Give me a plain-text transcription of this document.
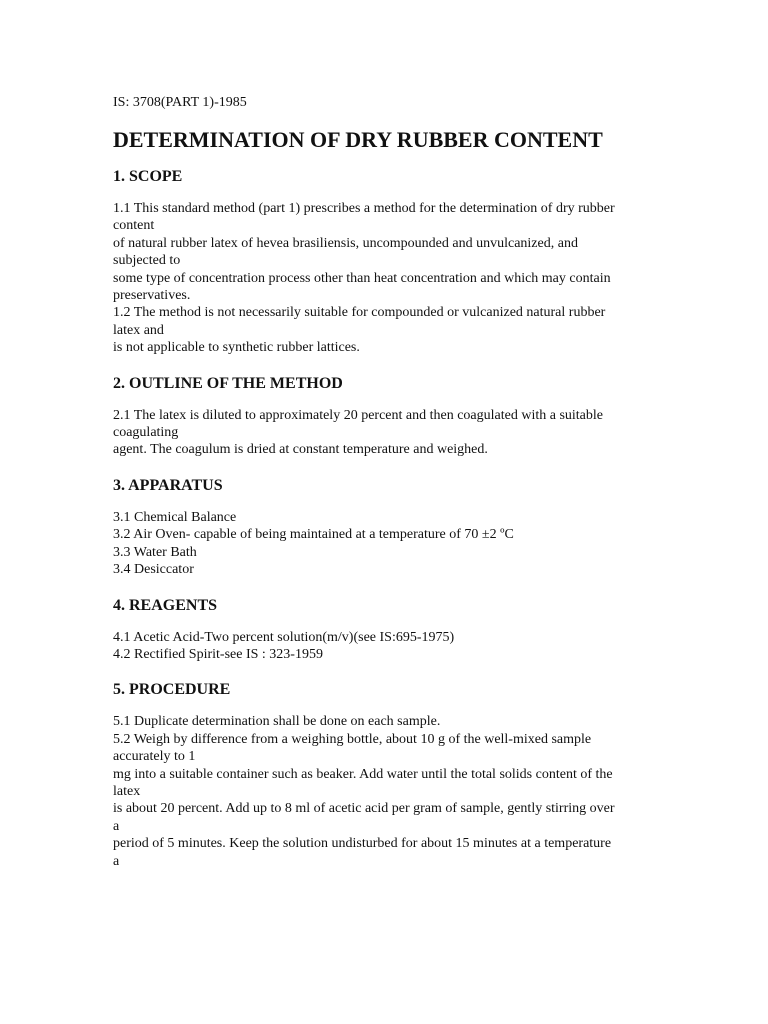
IS: 3708(PART 1)-1985
DETERMINATION OF DRY RUBBER CONTENT
1. SCOPE
1.1 This standard method (part 1) prescribes a method for the determination of dry rubber
content
of natural rubber latex of hevea brasiliensis, uncompounded and unvulcanized, and
subjected to
some type of concentration process other than heat concentration and which may contain
preservatives.
1.2 The method is not necessarily suitable for compounded or vulcanized natural rubber
latex and
is not applicable to synthetic rubber lattices.
2. OUTLINE OF THE METHOD
2.1 The latex is diluted to approximately 20 percent and then coagulated with a suitable
coagulating
agent. The coagulum is dried at constant temperature and weighed.
3. APPARATUS
3.1 Chemical Balance
3.2 Air Oven- capable of being maintained at a temperature of 70 ±2 ºC
3.3 Water Bath
3.4 Desiccator
4. REAGENTS
4.1 Acetic Acid-Two percent solution(m/v)(see IS:695-1975)
4.2 Rectified Spirit-see IS : 323-1959
5. PROCEDURE
5.1 Duplicate determination shall be done on each sample.
5.2 Weigh by difference from a weighing bottle, about 10 g of the well-mixed sample
accurately to 1
mg into a suitable container such as beaker. Add water until the total solids content of the
latex
is about 20 percent. Add up to 8 ml of acetic acid per gram of sample, gently stirring over
a
period of 5 minutes. Keep the solution undisturbed for about 15 minutes at a temperature
a
